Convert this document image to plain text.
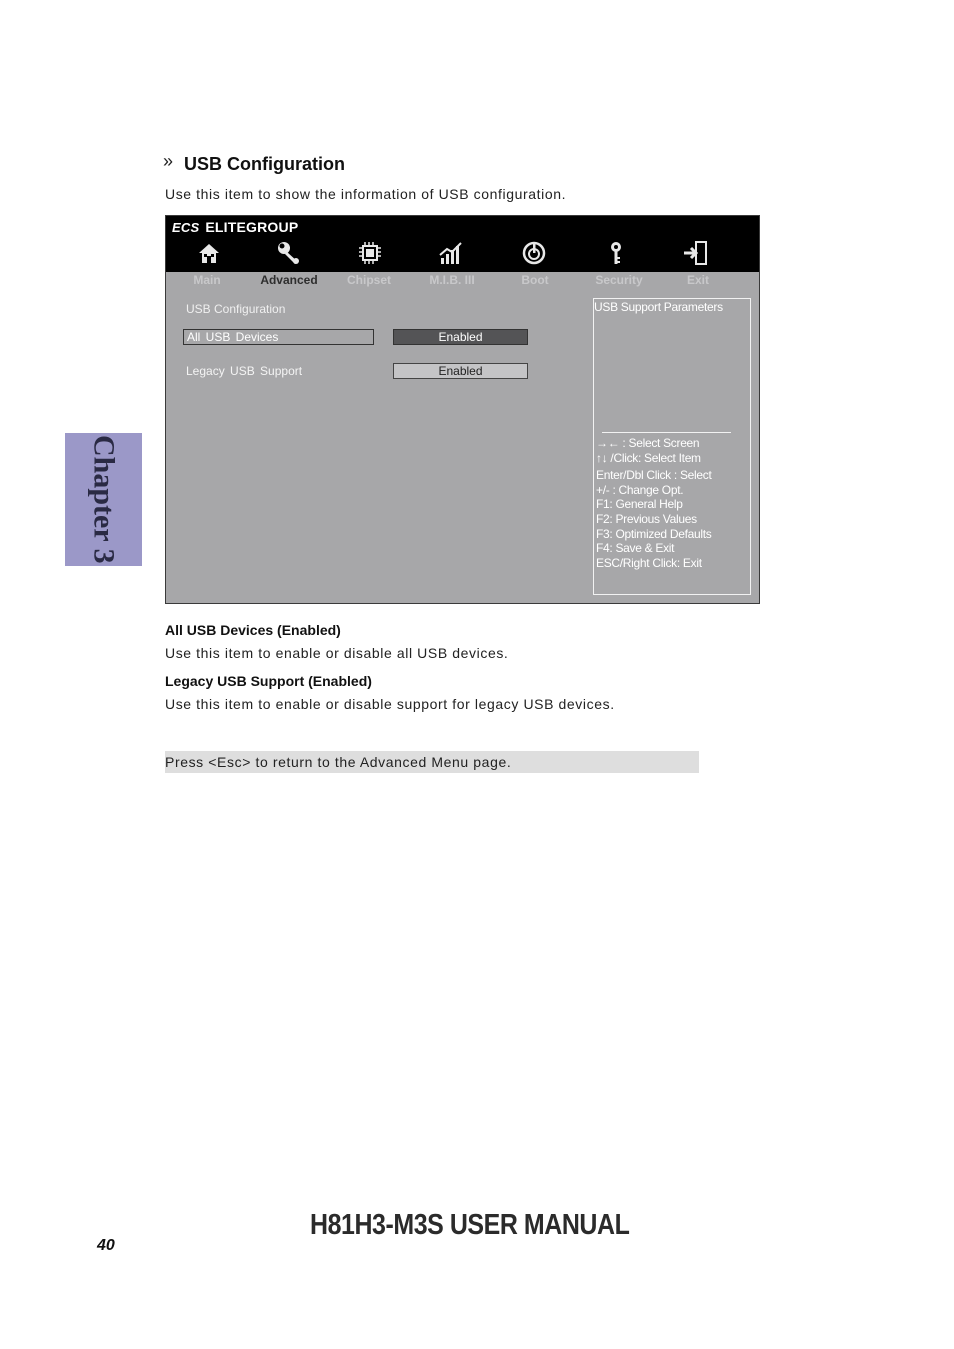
» USB Configuration
Use this item to show the information of USB configuration.
Chapter 3
ECS ELITEGROUP
Main	Advanced	Chipset	M.I.B. III	Boot	Security	Exit
USB Configuration
All USB Devices	Enabled
Legacy USB Support	Enabled
USB Support Parameters
→← : Select Screen
↑↓ /Click: Select Item
Enter/Dbl Click : Select
+/- : Change Opt.
F1: General Help
F2: Previous Values
F3: Optimized Defaults
F4: Save & Exit
ESC/Right Click: Exit
All USB Devices (Enabled)
Use this item to enable or disable all USB devices.
Legacy USB Support (Enabled)
Use this item to enable or disable support for legacy USB devices.
Press <Esc> to return to the Advanced Menu page.
40
H81H3-M3S USER MANUAL
